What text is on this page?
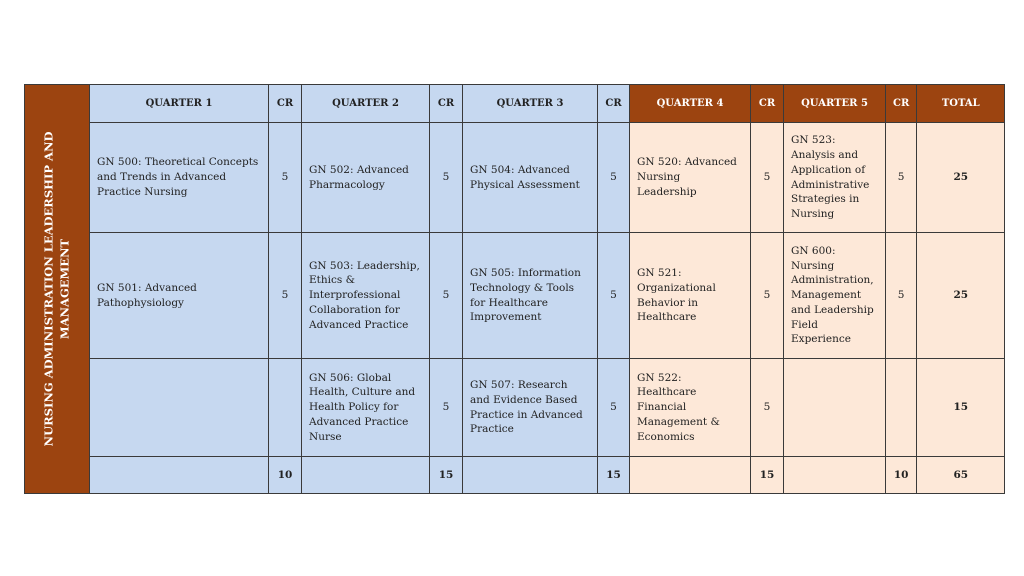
NURSING ADMINISTRATION LEADERSHIP AND MANAGEMENT	QUARTER 1	CR	QUARTER 2	CR	QUARTER 3	CR	QUARTER 4	CR	QUARTER 5	CR	TOTAL
	GN 500: Theoretical Concepts and Trends in Advanced Practice Nursing	5	GN 502: Advanced Pharmacology	5	GN 504: Advanced Physical Assessment	5	GN 520: Advanced Nursing Leadership	5	GN 523: Analysis and Application of Administrative Strategies in Nursing	5	25
	GN 501: Advanced Pathophysiology	5	GN 503: Leadership, Ethics & Interprofessional Collaboration for Advanced Practice	5	GN 505: Information Technology & Tools for Healthcare Improvement	5	GN 521: Organizational Behavior in Healthcare	5	GN 600: Nursing Administration, Management and Leadership Field Experience	5	25
			GN 506: Global Health, Culture and Health Policy for Advanced Practice Nurse	5	GN 507: Research and Evidence Based Practice in Advanced Practice	5	GN 522: Healthcare Financial Management & Economics	5			15
		10		15		15		15		10	65
